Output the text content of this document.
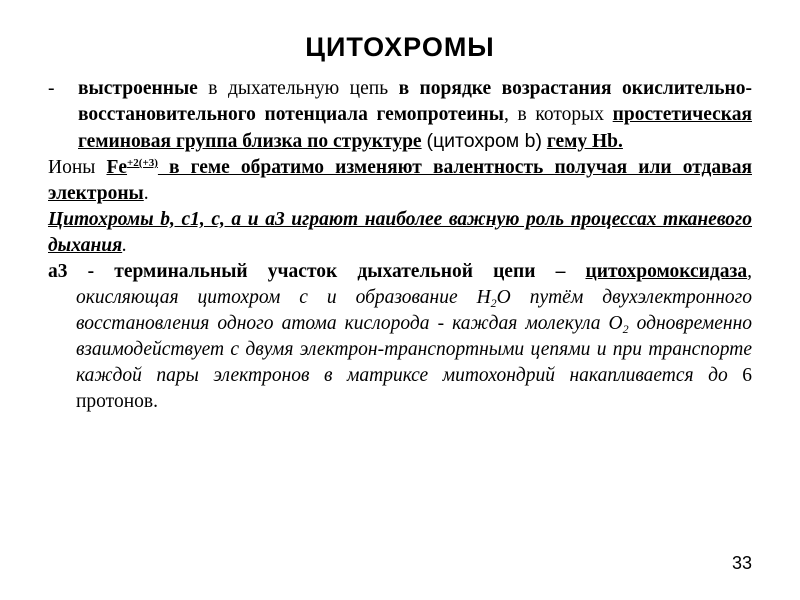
ЦИТОХРОМЫ

- выстроенные в дыхательную цепь в порядке возрастания окислительно-восстановительного потенциала гемопротеины, в которых простетическая геминовая группа близка по структуре (цитохром b) гему Hb.

Ионы $Fe^{+2(+3)}$ в геме обратимо изменяют валентность получая или отдавая электроны.

Цитохромы b, c1, c, a и a3 играют наиболее важную роль процессах тканевого дыхания.

а3 - терминальный участок дыхательной цепи – цитохромоксидаза, окисляющая цитохром c и образование $H_2O$ путём двухэлектронного восстановления одного атома кислорода - каждая молекула $O_2$ одновременно взаимодействует с двумя электрон-транспортными цепями и при транспорте каждой пары электронов в матриксе митохондрий накапливается до 6 протонов.

33
